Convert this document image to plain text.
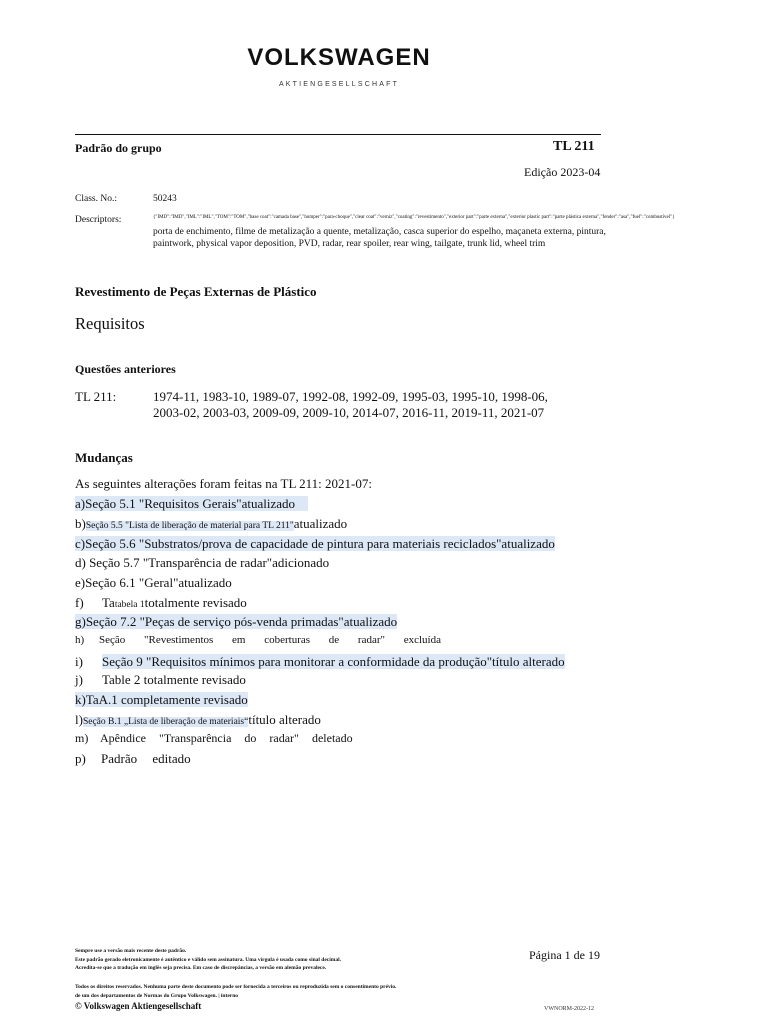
VOLKSWAGEN
AKTIENGESELLSCHAFT
Padrão do grupo	TL 211
Edição 2023-04
Class. No.:	50243
Descriptors:	{"IMD":"IMD","IML":"IML","TOM":"TOM","base coat":"camada base","bumper":"para-choque","clear coat":"verniz","coating":"revestimento","exterior part":"parte externa","exterior plastic part":"parte plástica externa","fender":"asa","fuel":"combustível"}
porta de enchimento, filme de metalização a quente, metalização, casca superior do espelho, maçaneta externa, pintura,
paintwork, physical vapor deposition, PVD, radar, rear spoiler, rear wing, tailgate, trunk lid, wheel trim
Revestimento de Peças Externas de Plástico
Requisitos
Questões anteriores
TL 211:	1974-11, 1983-10, 1989-07, 1992-08, 1992-09, 1995-03, 1995-10, 1998-06,
2003-02, 2003-03, 2009-09, 2009-10, 2014-07, 2016-11, 2019-11, 2021-07
Mudanças
As seguintes alterações foram feitas na TL 211: 2021-07:
a)Seção 5.1 "Requisitos Gerais"atualizado
b)Seção 5.5 "Lista de liberação de material para TL 211"atualizado
c)Seção 5.6 "Substratos/prova de capacidade de pintura para materiais reciclados"atualizado
d) Seção 5.7 "Transparência de radar"adicionado
e)Seção 6.1 "Geral"atualizado
f) Tatabela 1totalmente revisado
g)Seção 7.2 "Peças de serviço pós-venda primadas"atualizado
h) Seção "Revestimentos em coberturas de radar" excluída
i) Seção 9 "Requisitos mínimos para monitorar a conformidade da produção"título alterado
j) Table 2 totalmente revisado
k)TaA.1 completamente revisado
l)Seção B.1 „Lista de liberação de materiais“título alterado
m) Apêndice "Transparência do radar" deletado
p) Padrão editado
Sempre use a versão mais recente deste padrão.
Este padrão gerado eletronicamente é autêntico e válido sem assinatura. Uma vírgula é usada como sinal decimal.
Acredita-se que a tradução em inglês seja precisa. Em caso de discrepâncias, a versão em alemão prevalece.
Todos os direitos reservados. Nenhuma parte deste documento pode ser fornecida a terceiros ou reproduzida sem o consentimento prévio.
de um dos departamentos de Normas do Grupo Volkswagen. | interno
© Volkswagen Aktiengesellschaft
Página 1 de 19
VWNORM-2022-12
